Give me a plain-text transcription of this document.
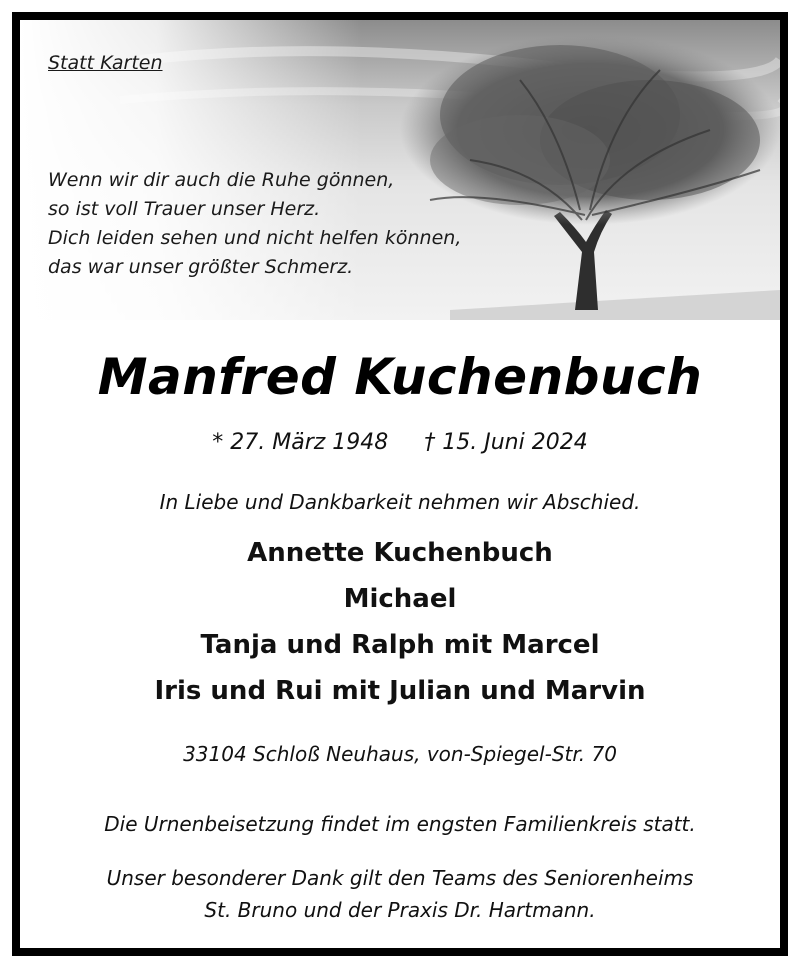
Statt Karten
Wenn wir dir auch die Ruhe gönnen,
so ist voll Trauer unser Herz.
Dich leiden sehen und nicht helfen können,
das war unser größter Schmerz.
Manfred Kuchenbuch
* 27. März 1948 † 15. Juni 2024
In Liebe und Dankbarkeit nehmen wir Abschied.
Annette Kuchenbuch
Michael
Tanja und Ralph mit Marcel
Iris und Rui mit Julian und Marvin
33104 Schloß Neuhaus, von-Spiegel-Str. 70
Die Urnenbeisetzung findet im engsten Familienkreis statt.
Unser besonderer Dank gilt den Teams des Seniorenheims
St. Bruno und der Praxis Dr. Hartmann.
